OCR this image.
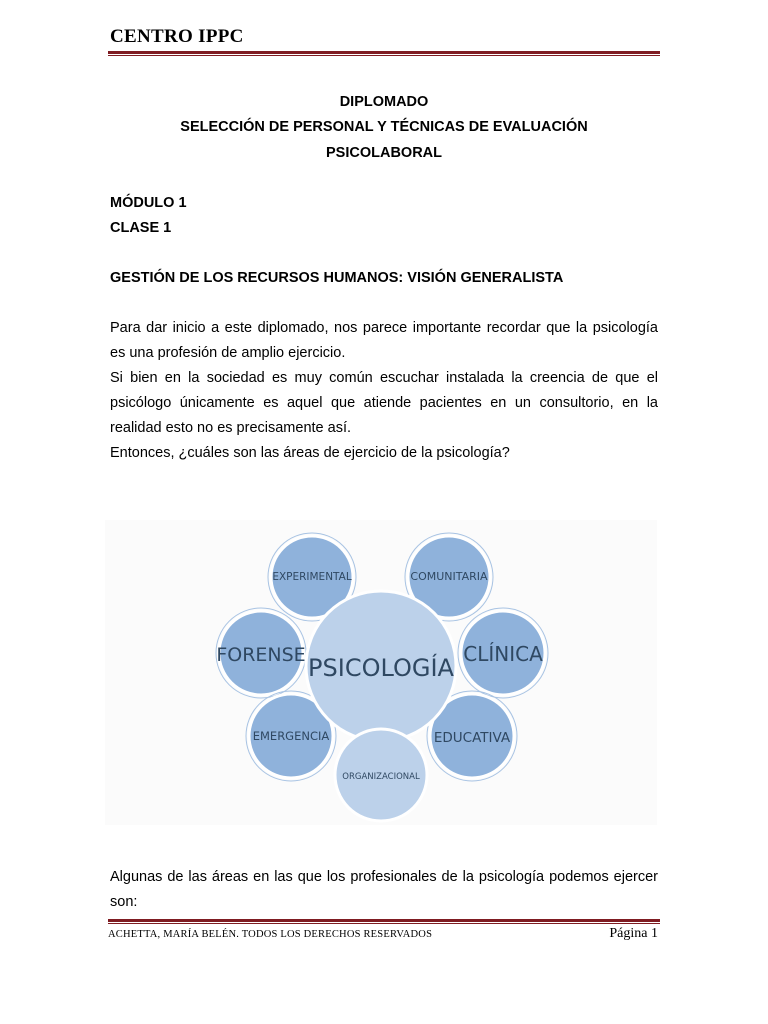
CENTRO IPPC
DIPLOMADO
SELECCIÓN DE PERSONAL Y TÉCNICAS DE EVALUACIÓN
PSICOLABORAL
MÓDULO 1
CLASE 1
GESTIÓN DE LOS RECURSOS HUMANOS: VISIÓN GENERALISTA
Para dar inicio a este diplomado, nos parece importante recordar que la psicología es una profesión de amplio ejercicio.
Si bien en la sociedad es muy común escuchar instalada la creencia de que el psicólogo únicamente es aquel que atiende pacientes en un consultorio, en la realidad esto no es precisamente así.
Entonces, ¿cuáles son las áreas de ejercicio de la psicología?
EXPERIMENTAL	COMUNITARIA
FORENSE	CLÍNICA
EMERGENCIA	EDUCATIVA
PSICOLOGÍA
ORGANIZACIONAL
Algunas de las áreas en las que los profesionales de la psicología podemos ejercer son:
ACHETTA, MARÍA BELÉN. TODOS LOS DERECHOS RESERVADOS	Página 1
